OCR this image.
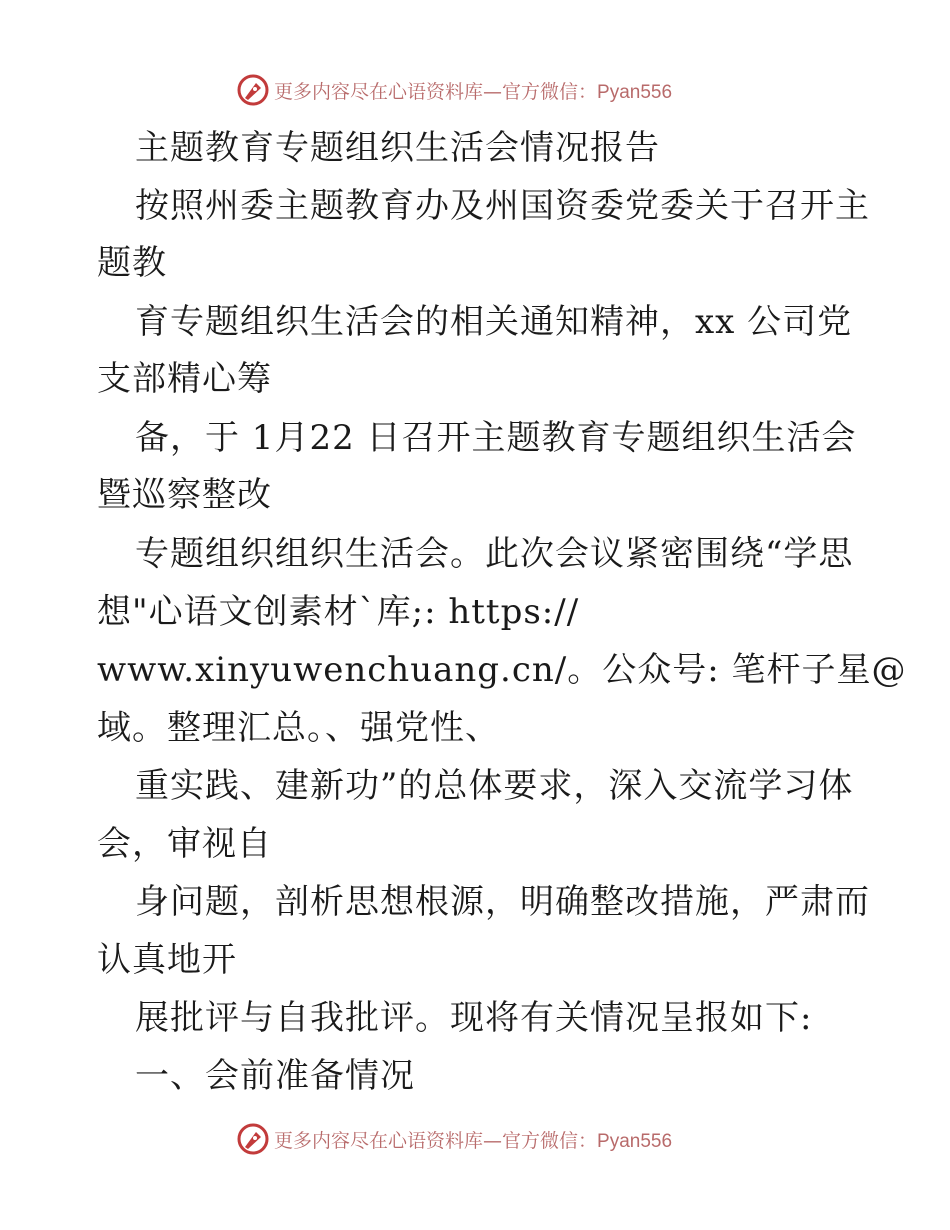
更多内容尽在心语资料库—官方微信：Pyan556
主题教育专题组织生活会情况报告
按照州委主题教育办及州国资委党委关于召开主
题教
育专题组织生活会的相关通知精神，xx 公司党
支部精心筹
备，于 1月22 日召开主题教育专题组织生活会
暨巡察整改
专题组织组织生活会。此次会议紧密围绕“学思
想"心语文创素材`库;: https://
www.xinyuwenchuang.cn/。公众号: 笔杆子星@
域。整理汇总。、强党性、
重实践、建新功”的总体要求，深入交流学习体
会，审视自
身问题，剖析思想根源，明确整改措施，严肃而
认真地开
展批评与自我批评。现将有关情况呈报如下:
一、会前准备情况
更多内容尽在心语资料库—官方微信：Pyan556
